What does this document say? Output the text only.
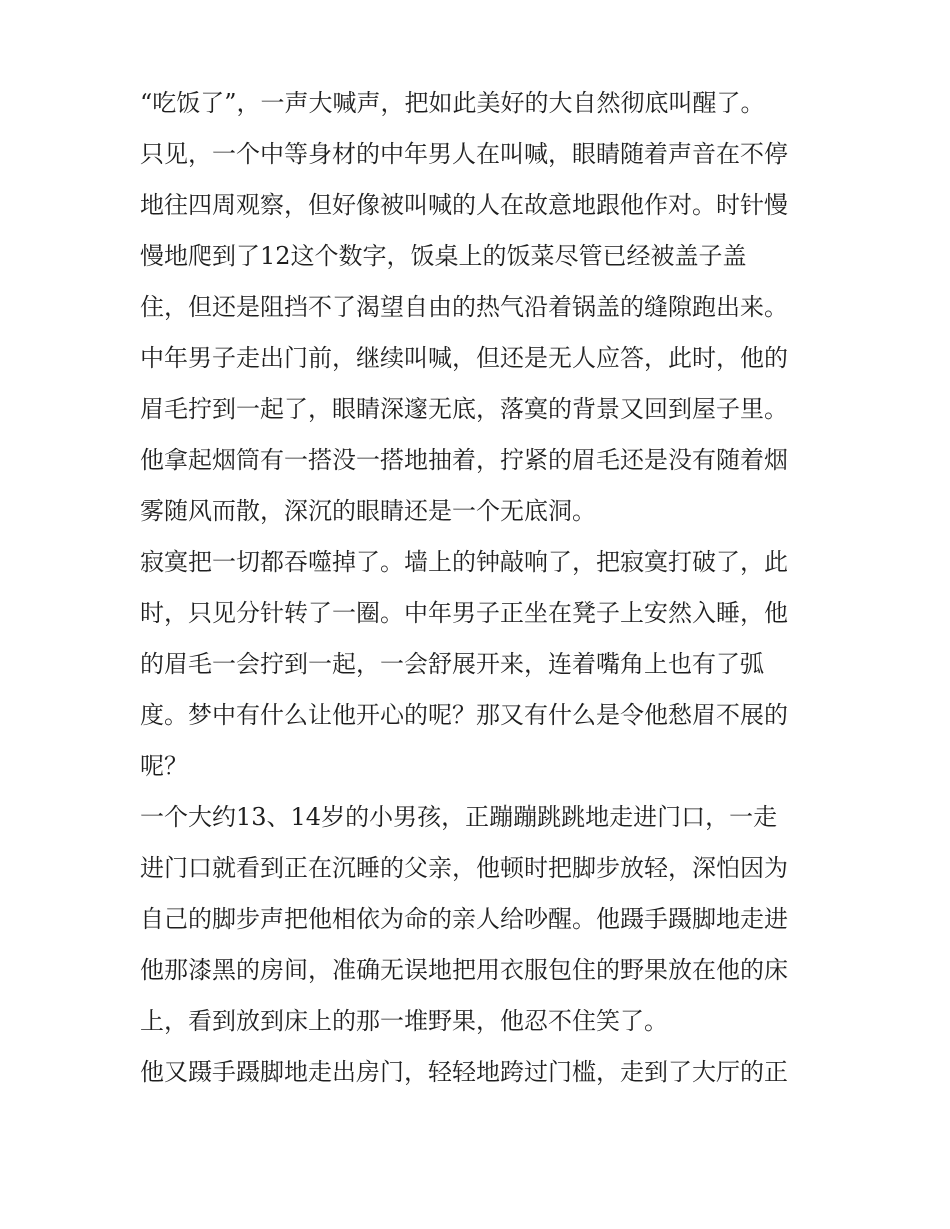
“吃饭了”，一声大喊声，把如此美好的大自然彻底叫醒了。
只见，一个中等身材的中年男人在叫喊，眼睛随着声音在不停
地往四周观察，但好像被叫喊的人在故意地跟他作对。时针慢
慢地爬到了12这个数字，饭桌上的饭菜尽管已经被盖子盖
住，但还是阻挡不了渴望自由的热气沿着锅盖的缝隙跑出来。
中年男子走出门前，继续叫喊，但还是无人应答，此时，他的
眉毛拧到一起了，眼睛深邃无底，落寞的背景又回到屋子里。
他拿起烟筒有一搭没一搭地抽着，拧紧的眉毛还是没有随着烟
雾随风而散，深沉的眼睛还是一个无底洞。
寂寞把一切都吞噬掉了。墙上的钟敲响了，把寂寞打破了，此
时，只见分针转了一圈。中年男子正坐在凳子上安然入睡，他
的眉毛一会拧到一起，一会舒展开来，连着嘴角上也有了弧
度。梦中有什么让他开心的呢？那又有什么是令他愁眉不展的
呢？
一个大约13、14岁的小男孩，正蹦蹦跳跳地走进门口，一走
进门口就看到正在沉睡的父亲，他顿时把脚步放轻，深怕因为
自己的脚步声把他相依为命的亲人给吵醒。他蹑手蹑脚地走进
他那漆黑的房间，准确无误地把用衣服包住的野果放在他的床
上，看到放到床上的那一堆野果，他忍不住笑了。
他又蹑手蹑脚地走出房门，轻轻地跨过门槛，走到了大厅的正
